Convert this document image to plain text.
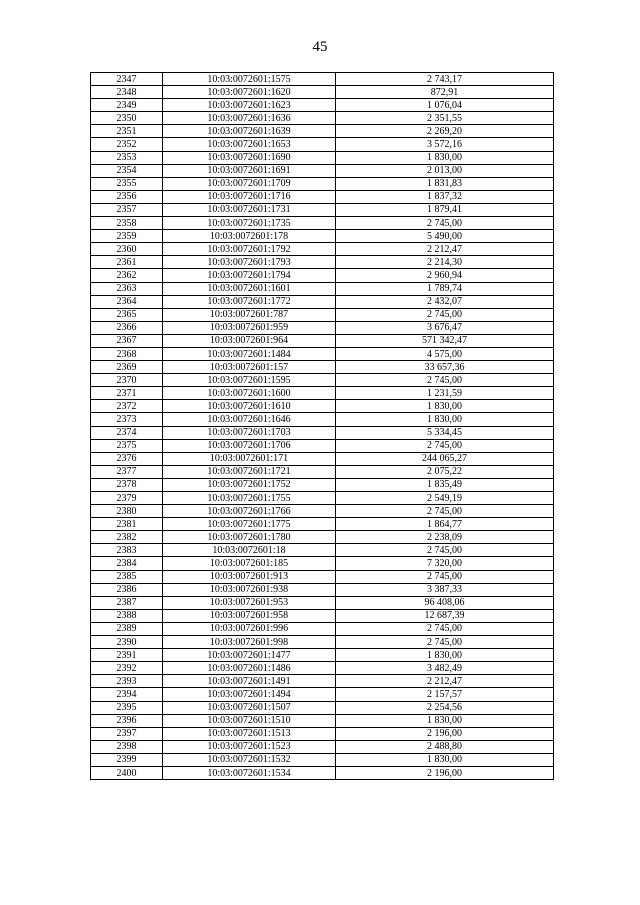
45
2347	10:03:0072601:1575	2 743,17
2348	10:03:0072601:1620	872,91
2349	10:03:0072601:1623	1 076,04
2350	10:03:0072601:1636	2 351,55
2351	10:03:0072601:1639	2 269,20
2352	10:03:0072601:1653	3 572,16
2353	10:03:0072601:1690	1 830,00
2354	10:03:0072601:1691	2 013,00
2355	10:03:0072601:1709	1 831,83
2356	10:03:0072601:1716	1 837,32
2357	10:03:0072601:1731	1 879,41
2358	10:03:0072601:1735	2 745,00
2359	10:03:0072601:178	5 490,00
2360	10:03:0072601:1792	2 212,47
2361	10:03:0072601:1793	2 214,30
2362	10:03:0072601:1794	2 960,94
2363	10:03:0072601:1601	1 789,74
2364	10:03:0072601:1772	2 432,07
2365	10:03:0072601:787	2 745,00
2366	10:03:0072601:959	3 676,47
2367	10:03:0072601:964	571 342,47
2368	10:03:0072601:1484	4 575,00
2369	10:03:0072601:157	33 657,36
2370	10:03:0072601:1595	2 745,00
2371	10:03:0072601:1600	1 231,59
2372	10:03:0072601:1610	1 830,00
2373	10:03:0072601:1646	1 830,00
2374	10:03:0072601:1703	5 334,45
2375	10:03:0072601:1706	2 745,00
2376	10:03:0072601:171	244 065,27
2377	10:03:0072601:1721	2 075,22
2378	10:03:0072601:1752	1 835,49
2379	10:03:0072601:1755	2 549,19
2380	10:03:0072601:1766	2 745,00
2381	10:03:0072601:1775	1 864,77
2382	10:03:0072601:1780	2 238,09
2383	10:03:0072601:18	2 745,00
2384	10:03:0072601:185	7 320,00
2385	10:03:0072601:913	2 745,00
2386	10:03:0072601:938	3 387,33
2387	10:03:0072601:953	96 408,06
2388	10:03:0072601:958	12 687,39
2389	10:03:0072601:996	2 745,00
2390	10:03:0072601:998	2 745,00
2391	10:03:0072601:1477	1 830,00
2392	10:03:0072601:1486	3 482,49
2393	10:03:0072601:1491	2 212,47
2394	10:03:0072601:1494	2 157,57
2395	10:03:0072601:1507	2 254,56
2396	10:03:0072601:1510	1 830,00
2397	10:03:0072601:1513	2 196,00
2398	10:03:0072601:1523	2 488,80
2399	10:03:0072601:1532	1 830,00
2400	10:03:0072601:1534	2 196,00
